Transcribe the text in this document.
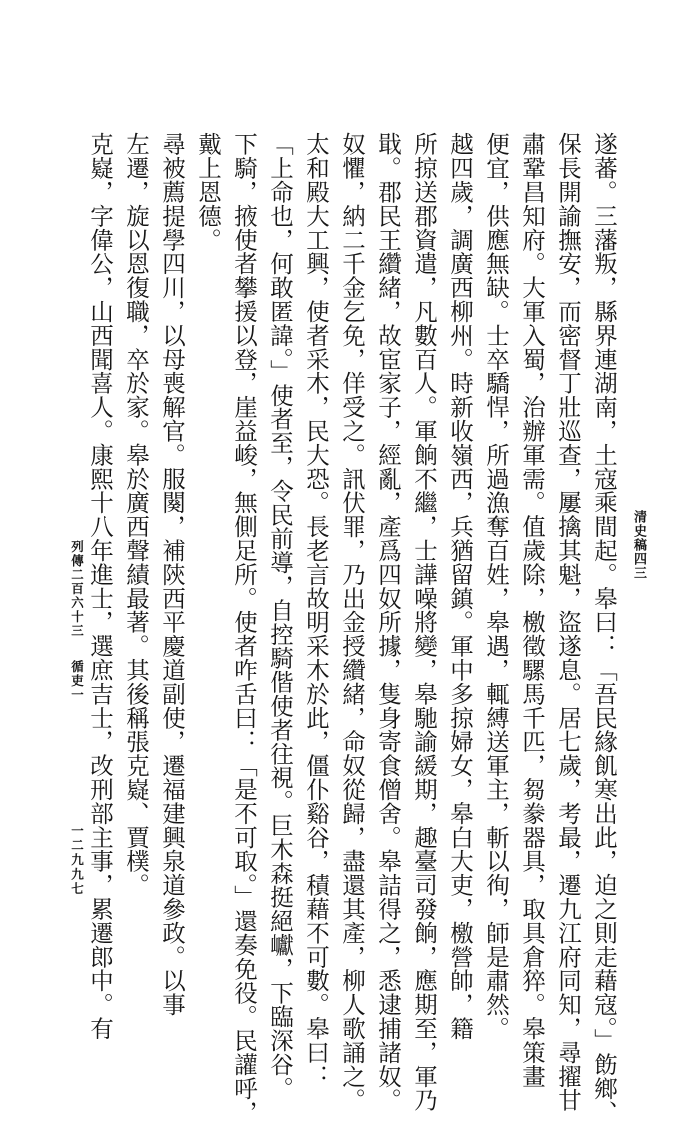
清史稿四三
遂蕃。三藩叛，縣界連湖南，土寇乘間起。皋曰：「吾民緣飢寒出此，迫之則走藉寇。」飭鄉、
保長開諭撫安，而密督丁壯巡查，屢擒其魁，盜遂息。居七歲，考最，遷九江府同知，尋擢甘
肅鞏昌知府。大軍入蜀，治辦軍需。值歲除，檄徵騾馬千匹，芻豢器具，取具倉猝。皋策畫
便宜，供應無缺。士卒驕悍，所過漁奪百姓，皋遇，輒縛送軍主，斬以徇，師是肅然。
越四歲，調廣西柳州。時新收嶺西，兵猶留鎮。軍中多掠婦女，皋白大吏，檄營帥，籍
所掠送郡資遣，凡數百人。軍餉不繼，士譁噪將變，皋馳諭緩期，趣臺司發餉，應期至，軍乃
戢。郡民王纘緒，故宦家子，經亂，產爲四奴所據，隻身寄食僧舍。皋詰得之，悉逮捕諸奴。
奴懼，納二千金乞免，佯受之。訊伏罪，乃出金授纘緒，命奴從歸，盡還其產，柳人歌誦之。
太和殿大工興，使者采木，民大恐。長老言故明采木於此，僵仆谿谷，積藉不可數。皋曰：
「上命也，何敢匿諱。」使者至，令民前導，自控騎偕使者往視。巨木森挺絕巘，下臨深谷。
下騎，掖使者攀援以登，崖益峻，無側足所。使者咋舌曰：「是不可取。」還奏免役。民讙呼，
戴上恩德。
尋被薦提學四川，以母喪解官。服闋，補陝西平慶道副使，遷福建興泉道參政。以事
左遷，旋以恩復職，卒於家。皋於廣西聲績最著。其後稱張克嶷、賈樸。
克嶷，字偉公，山西聞喜人。康熙十八年進士，選庶吉士，改刑部主事，累遷郎中。有
列傳二百六十三循吏一
一二九九七
